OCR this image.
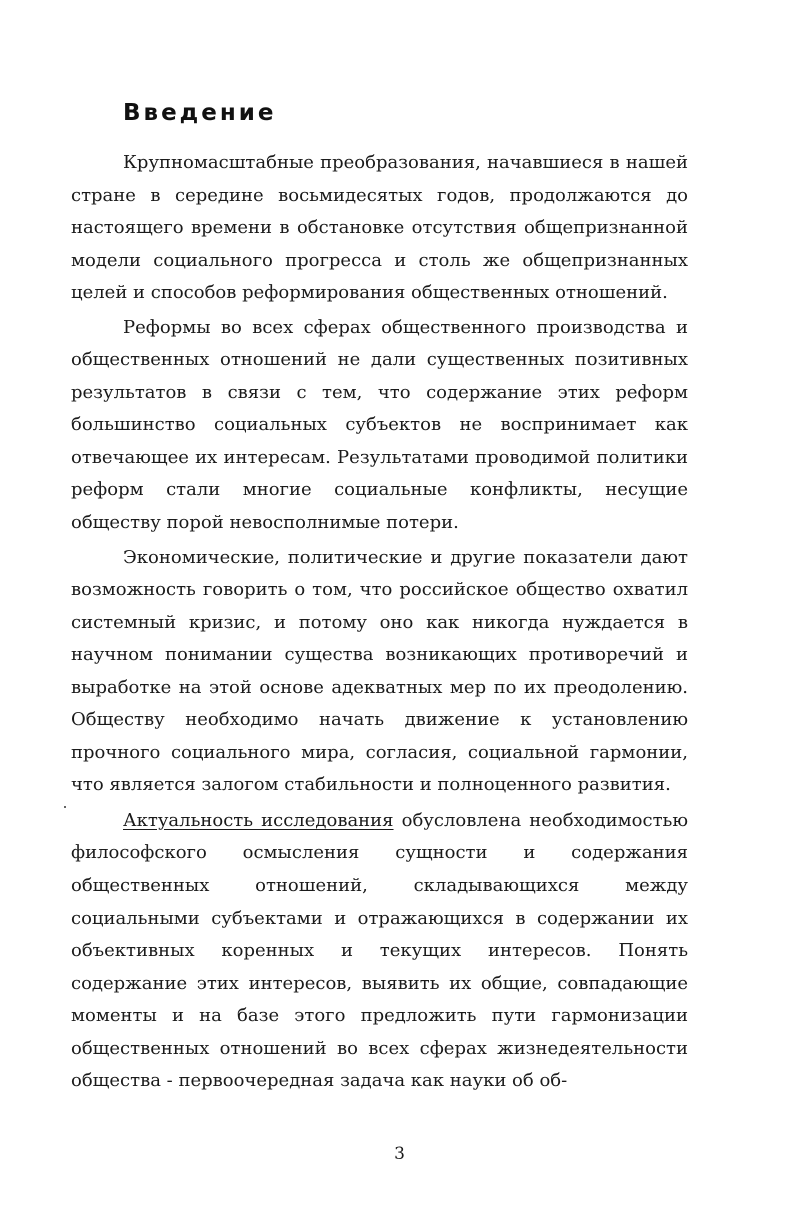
Введение

Крупномасштабные преобразования, начавшиеся в нашей стране в середине восьмидесятых годов, продолжаются до настоящего времени в обстановке отсутствия общепризнанной модели социального прогресса и столь же общепризнанных целей и способов реформирования общественных отношений.

Реформы во всех сферах общественного производства и общественных отношений не дали существенных позитивных результатов в связи с тем, что содержание этих реформ большинство социальных субъектов не воспринимает как отвечающее их интересам. Результатами проводимой политики реформ стали многие социальные конфликты, несущие обществу порой невосполнимые потери.

Экономические, политические и другие показатели дают возможность говорить о том, что российское общество охватил системный кризис, и потому оно как никогда нуждается в научном понимании существа возникающих противоречий и выработке на этой основе адекватных мер по их преодолению. Обществу необходимо начать движение к установлению прочного социального мира, согласия, социальной гармонии, что является залогом стабильности и полноценного развития.

Актуальность исследования обусловлена необходимостью философского осмысления сущности и содержания общественных отношений, складывающихся между социальными субъектами и отражающихся в содержании их объективных коренных и текущих интересов. Понять содержание этих интересов, выявить их общие, совпадающие моменты и на базе этого предложить пути гармонизации общественных отношений во всех сферах жизнедеятельности общества - первоочередная задача как науки об об-

3
